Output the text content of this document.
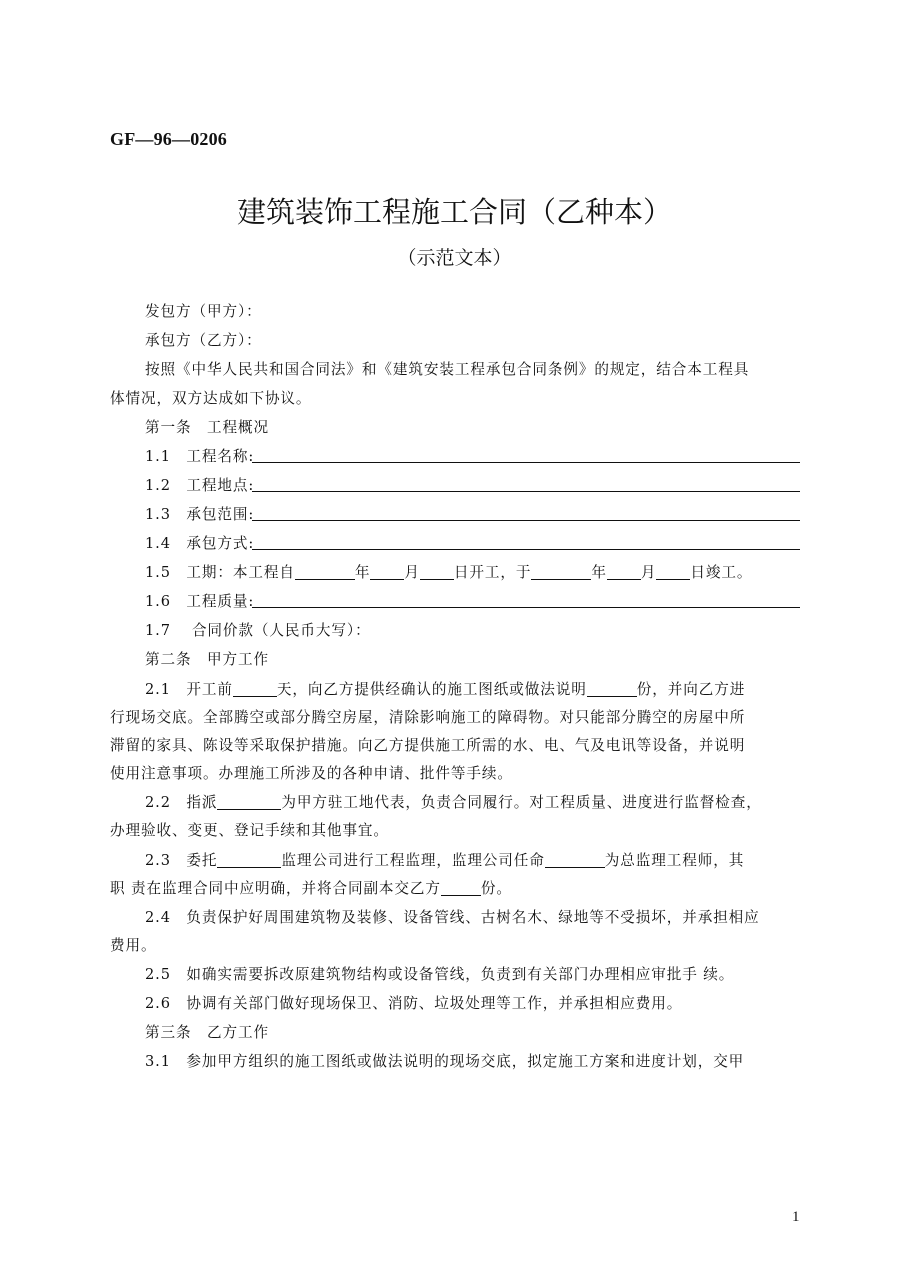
GF—96—0206
建筑装饰工程施工合同（乙种本）
（示范文本）
发包方（甲方）：
承包方（乙方）：
按照《中华人民共和国合同法》和《建筑安装工程承包合同条例》的规定，结合本工程具
体情况，双方达成如下协议。
第一条　工程概况
1.1　工程名称:
1.2　工程地点:
1.3　承包范围:
1.4　承包方式:
1.5　工期：本工程自	年 月 日开工，于	年 月 日竣工。
1.6　工程质量:
1.7　 合同价款（人民币大写）：
第二条　甲方工作
2.1　开工前	天，向乙方提供经确认的施工图纸或做法说明	份，并向乙方进
行现场交底。全部腾空或部分腾空房屋，清除影响施工的障碍物。对只能部分腾空的房屋中所
滞留的家具、陈设等采取保护措施。向乙方提供施工所需的水、电、气及电讯等设备，并说明
使用注意事项。办理施工所涉及的各种申请、批件等手续。
2.2　指派	为甲方驻工地代表，负责合同履行。对工程质量、进度进行监督检查，
办理验收、变更、登记手续和其他事宜。
2.3　委托	监理公司进行工程监理，监理公司任命	为总监理工程师，其
职 责在监理合同中应明确，并将合同副本交乙方	份。
2.4　负责保护好周围建筑物及装修、设备管线、古树名木、绿地等不受损坏，并承担相应
费用。
2.5　如确实需要拆改原建筑物结构或设备管线，负责到有关部门办理相应审批手 续。
2.6　协调有关部门做好现场保卫、消防、垃圾处理等工作，并承担相应费用。
第三条　乙方工作
3.1　参加甲方组织的施工图纸或做法说明的现场交底，拟定施工方案和进度计划，交甲
1
